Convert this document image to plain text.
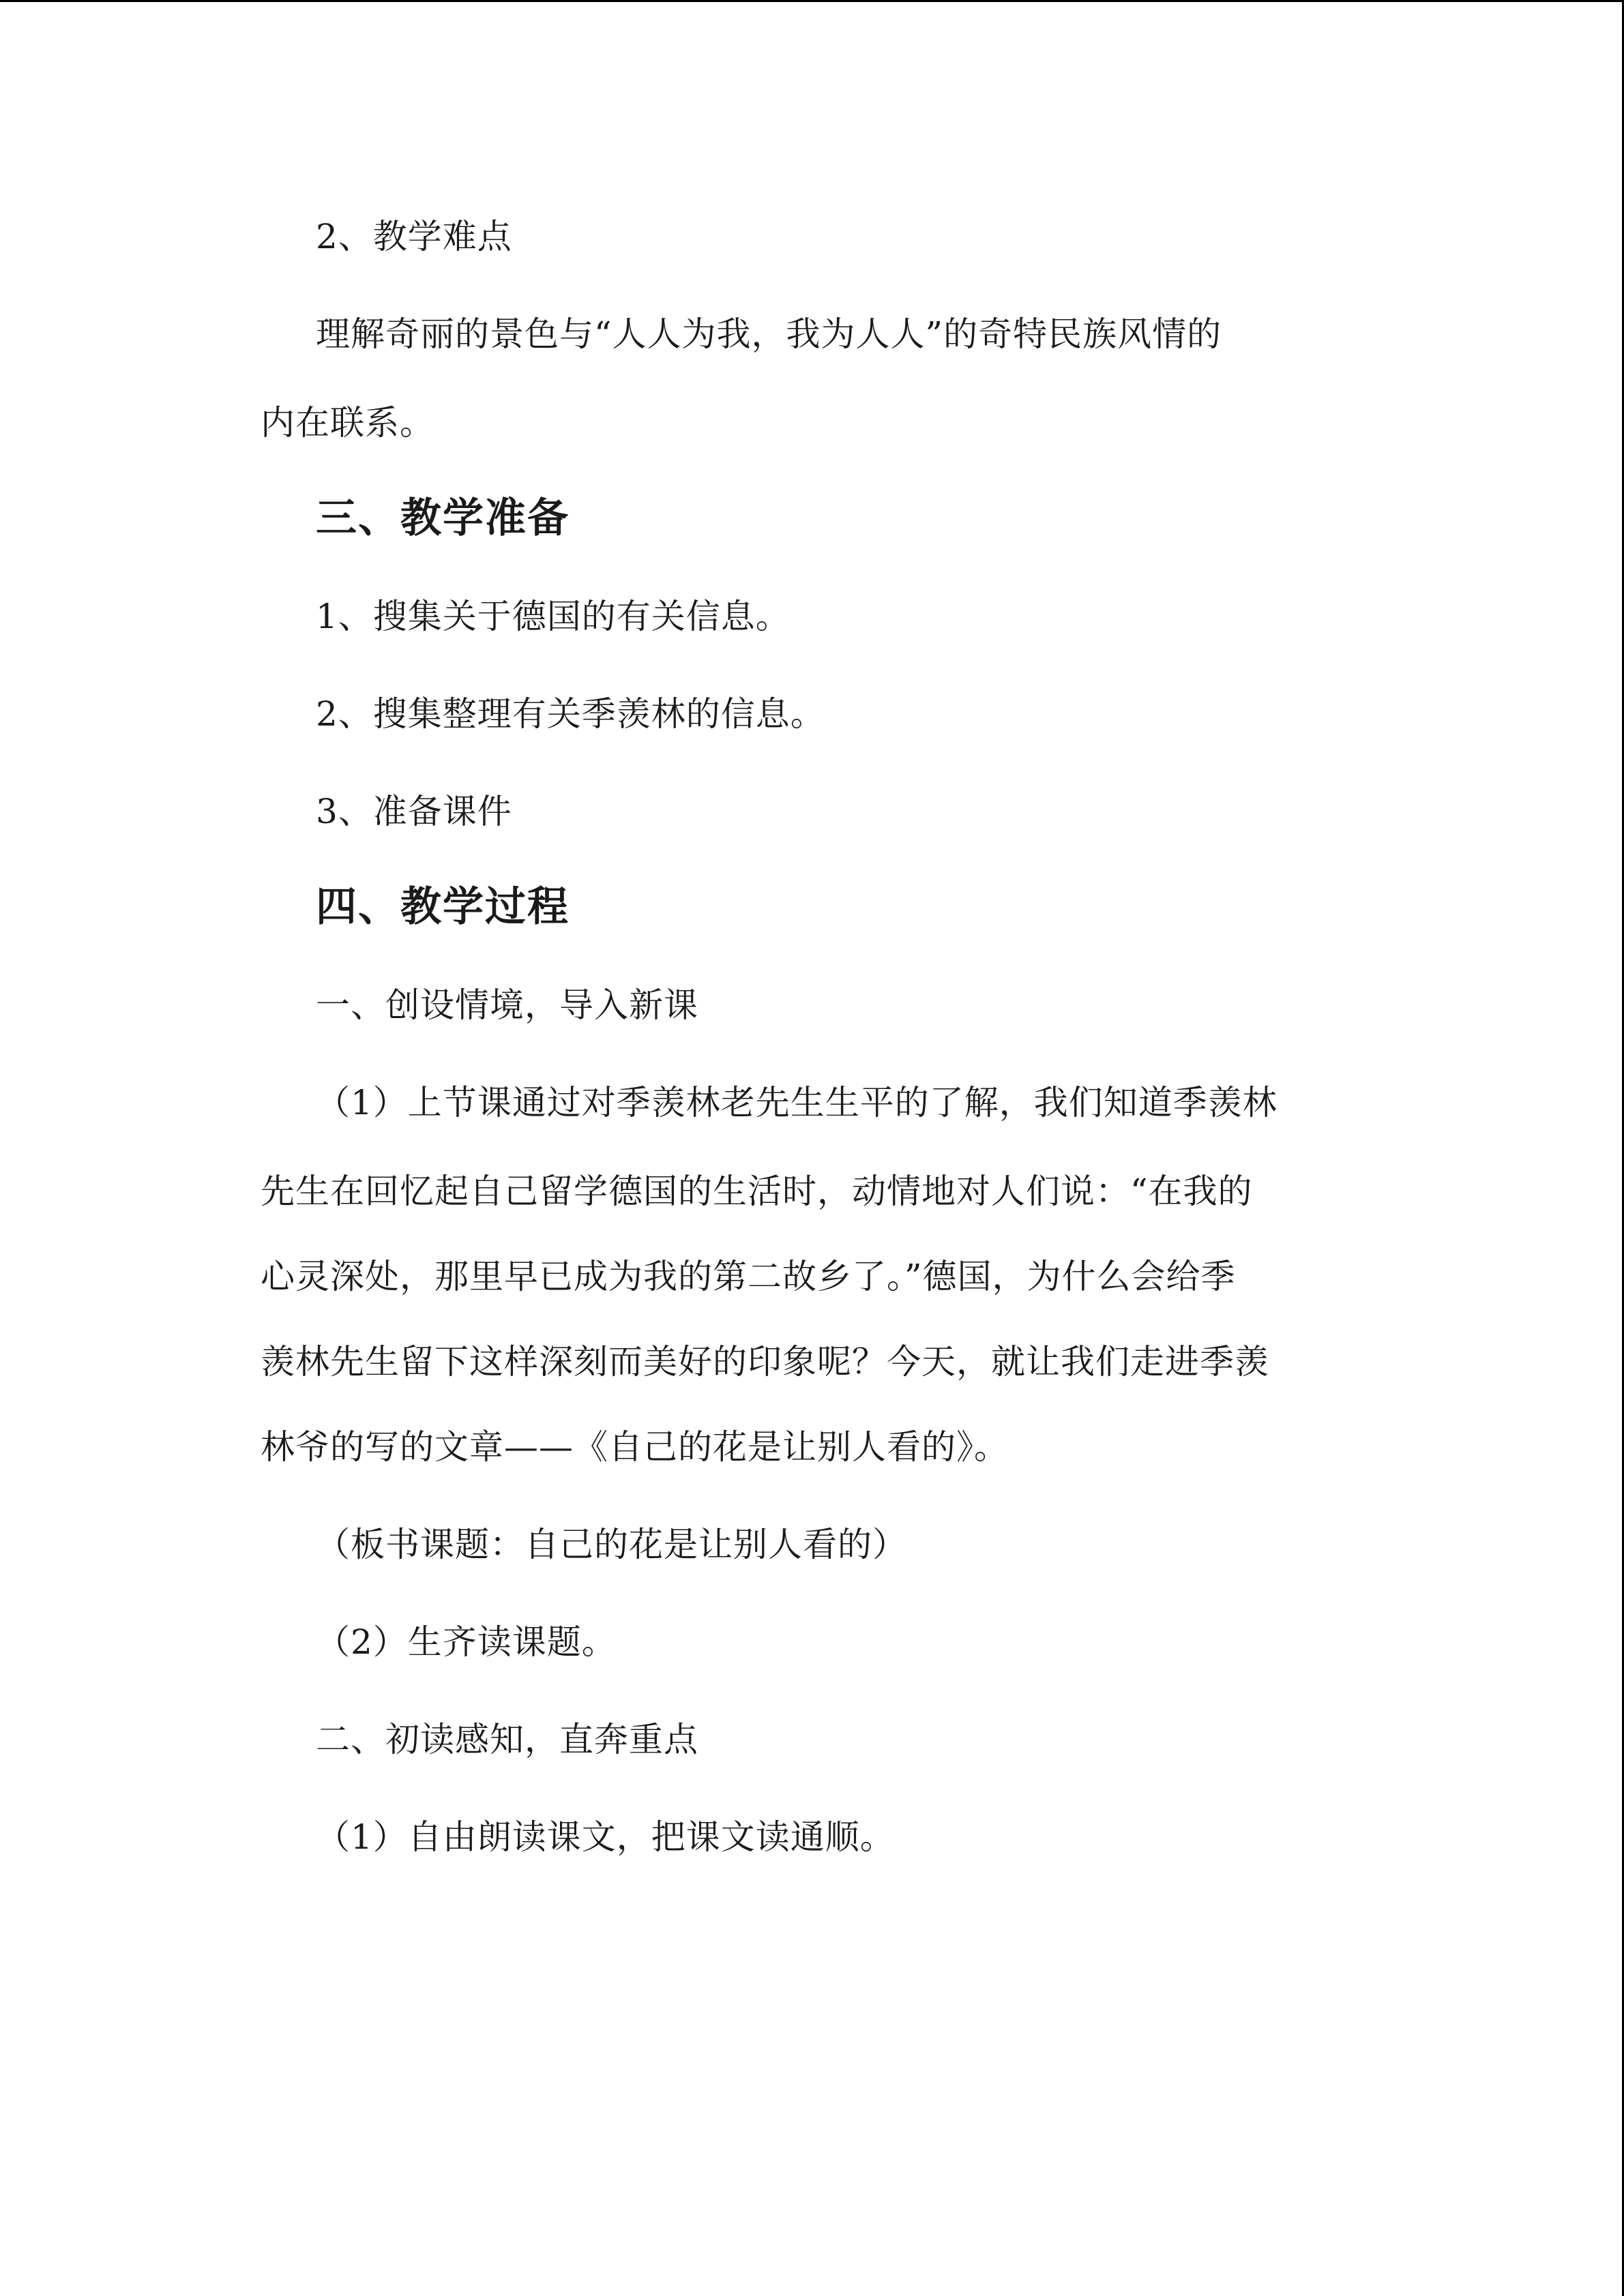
2、教学难点
理解奇丽的景色与“人人为我，我为人人”的奇特民族风情的
内在联系。
三、教学准备
1、搜集关于德国的有关信息。
2、搜集整理有关季羡林的信息。
3、准备课件
四、教学过程
一、创设情境，导入新课
（1）上节课通过对季羡林老先生生平的了解，我们知道季羡林
先生在回忆起自己留学德国的生活时，动情地对人们说：“在我的
心灵深处，那里早已成为我的第二故乡了。”德国，为什么会给季
羡林先生留下这样深刻而美好的印象呢？今天，就让我们走进季羡
林爷的写的文章——《自己的花是让别人看的》。
（板书课题：自己的花是让别人看的）
（2）生齐读课题。
二、初读感知，直奔重点
（1）自由朗读课文，把课文读通顺。
